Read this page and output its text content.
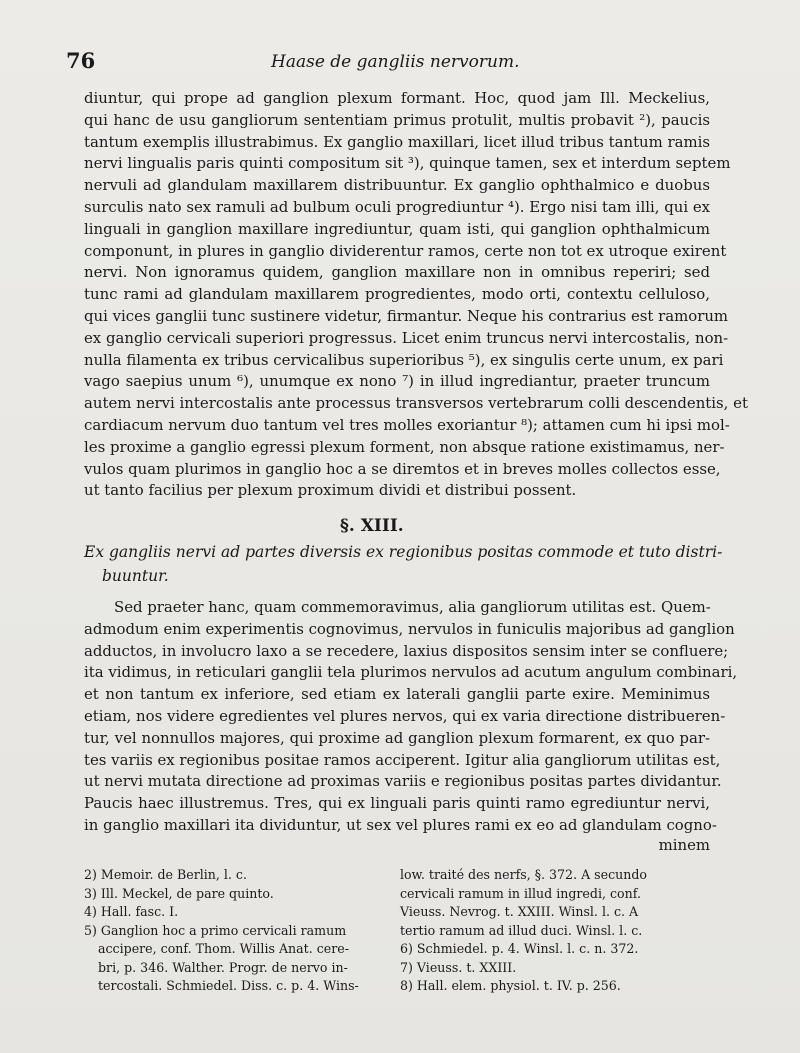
76	Haase de gangliis nervorum.
diuntur, qui prope ad ganglion plexum formant. Hoc, quod jam Ill. Meckelius,
qui hanc de usu gangliorum sententiam primus protulit, multis probavit ²), paucis
tantum exemplis illustrabimus. Ex ganglio maxillari, licet illud tribus tantum ramis
nervi lingualis paris quinti compositum sit ³), quinque tamen, sex et interdum septem
nervuli ad glandulam maxillarem distribuuntur. Ex ganglio ophthalmico e duobus
surculis nato sex ramuli ad bulbum oculi progrediuntur ⁴). Ergo nisi tam illi, qui ex
linguali in ganglion maxillare ingrediuntur, quam isti, qui ganglion ophthalmicum
componunt, in plures in ganglio dividerentur ramos, certe non tot ex utroque exirent
nervi. Non ignoramus quidem, ganglion maxillare non in omnibus reperiri; sed
tunc rami ad glandulam maxillarem progredientes, modo orti, contextu celluloso,
qui vices ganglii tunc sustinere videtur, firmantur. Neque his contrarius est ramorum
ex ganglio cervicali superiori progressus. Licet enim truncus nervi intercostalis, non-
nulla filamenta ex tribus cervicalibus superioribus ⁵), ex singulis certe unum, ex pari
vago saepius unum ⁶), unumque ex nono ⁷) in illud ingrediantur, praeter truncum
autem nervi intercostalis ante processus transversos vertebrarum colli descendentis, et
cardiacum nervum duo tantum vel tres molles exoriantur ⁸); attamen cum hi ipsi mol-
les proxime a ganglio egressi plexum forment, non absque ratione existimamus, ner-
vulos quam plurimos in ganglio hoc a se diremtos et in breves molles collectos esse,
ut tanto facilius per plexum proximum dividi et distribui possent.
§. XIII.
Ex gangliis nervi ad partes diversis ex regionibus positas commode et tuto distri-
buuntur.
Sed praeter hanc, quam commemoravimus, alia gangliorum utilitas est. Quem-
admodum enim experimentis cognovimus, nervulos in funiculis majoribus ad ganglion
adductos, in involucro laxo a se recedere, laxius dispositos sensim inter se confluere;
ita vidimus, in reticulari ganglii tela plurimos nervulos ad acutum angulum combinari,
et non tantum ex inferiore, sed etiam ex laterali ganglii parte exire. Meminimus
etiam, nos videre egredientes vel plures nervos, qui ex varia directione distribueren-
tur, vel nonnullos majores, qui proxime ad ganglion plexum formarent, ex quo par-
tes variis ex regionibus positae ramos acciperent. Igitur alia gangliorum utilitas est,
ut nervi mutata directione ad proximas variis e regionibus positas partes dividantur.
Paucis haec illustremus. Tres, qui ex linguali paris quinti ramo egrediuntur nervi,
in ganglio maxillari ita dividuntur, ut sex vel plures rami ex eo ad glandulam cogno-
minem
2) Memoir. de Berlin, l. c.
3) Ill. Meckel, de pare quinto.
4) Hall. fasc. I.
5) Ganglion hoc a primo cervicali ramum
accipere, conf. Thom. Willis Anat. cere-
bri, p. 346. Walther. Progr. de nervo in-
tercostali. Schmiedel. Diss. c. p. 4. Wins-
low. traité des nerfs, §. 372. A secundo
cervicali ramum in illud ingredi, conf.
Vieuss. Nevrog. t. XXIII. Winsl. l. c. A
tertio ramum ad illud duci. Winsl. l. c.
6) Schmiedel. p. 4. Winsl. l. c. n. 372.
7) Vieuss. t. XXIII.
8) Hall. elem. physiol. t. IV. p. 256.
